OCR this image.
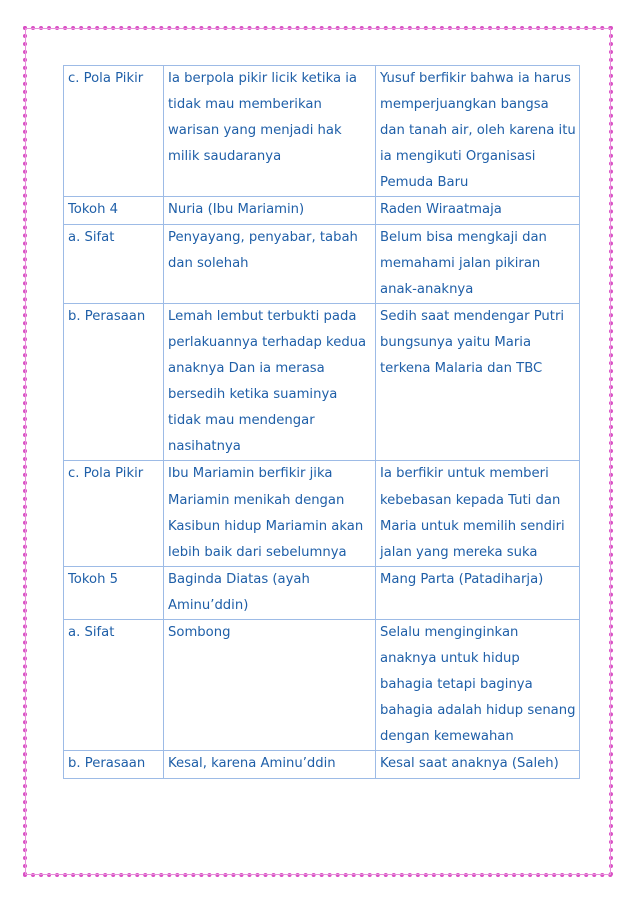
c. Pola Pikir	Ia berpola pikir licik ketika ia tidak mau memberikan warisan yang menjadi hak milik saudaranya	Yusuf berfikir bahwa ia harus memperjuangkan bangsa dan tanah air, oleh karena itu ia mengikuti Organisasi Pemuda Baru
Tokoh 4	Nuria (Ibu Mariamin)	Raden Wiraatmaja
a. Sifat	Penyayang, penyabar, tabah dan solehah	Belum bisa mengkaji dan memahami jalan pikiran anak-anaknya
b. Perasaan	Lemah lembut terbukti pada perlakuannya terhadap kedua anaknya Dan ia merasa bersedih ketika suaminya tidak mau mendengar nasihatnya	Sedih saat mendengar Putri bungsunya yaitu Maria terkena Malaria dan TBC
c. Pola Pikir	Ibu Mariamin berfikir jika Mariamin menikah dengan Kasibun hidup Mariamin akan lebih baik dari sebelumnya	Ia berfikir untuk memberi kebebasan kepada Tuti dan Maria untuk memilih sendiri jalan yang mereka suka
Tokoh 5	Baginda Diatas (ayah Aminu’ddin)	Mang Parta (Patadiharja)
a. Sifat	Sombong	Selalu menginginkan anaknya untuk hidup bahagia tetapi baginya bahagia adalah hidup senang dengan kemewahan
b. Perasaan	Kesal, karena Aminu’ddin	Kesal saat anaknya (Saleh)
